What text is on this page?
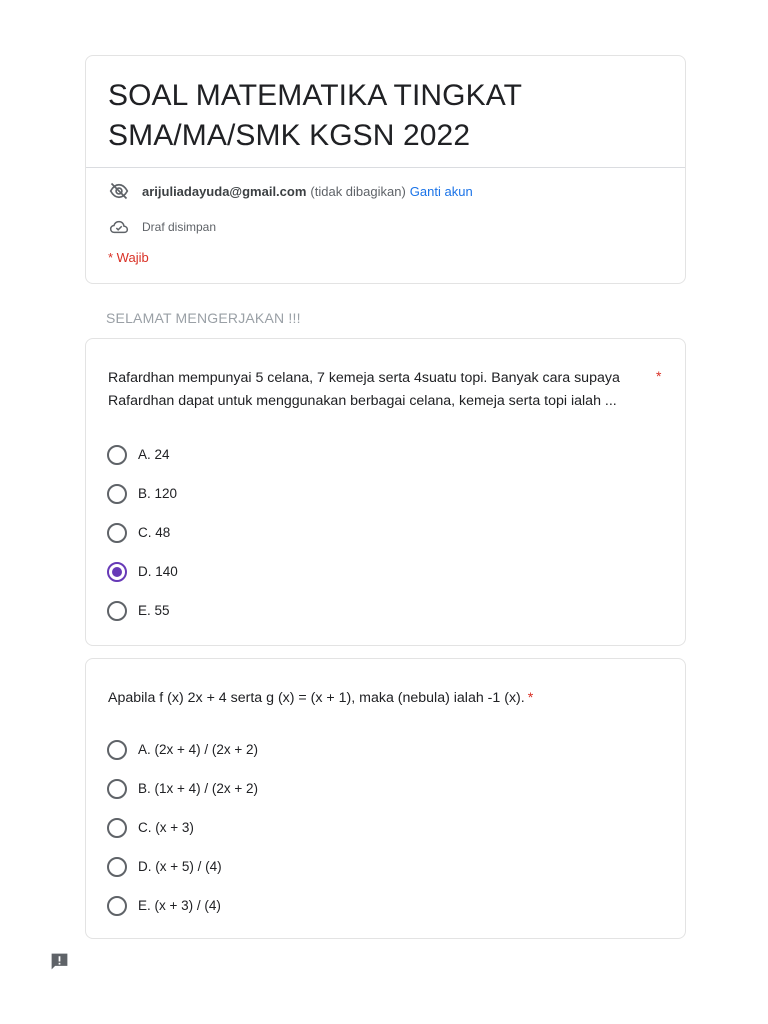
SOAL MATEMATIKA TINGKAT SMA/MA/SMK KGSN 2022
arijuliadayuda@gmail.com (tidak dibagikan) Ganti akun
Draf disimpan
* Wajib
SELAMAT MENGERJAKAN !!!
Rafardhan mempunyai 5 celana, 7 kemeja serta 4suatu topi. Banyak cara supaya Rafardhan dapat untuk menggunakan berbagai celana, kemeja serta topi ialah ...
*
A. 24
B. 120
C. 48
D. 140
E. 55
Apabila f (x) 2x + 4 serta g (x) = (x + 1), maka (nebula) ialah -1 (x). *
A. (2x + 4) / (2x + 2)
B. (1x + 4) / (2x + 2)
C. (x + 3)
D. (x + 5) / (4)
E. (x + 3) / (4)
